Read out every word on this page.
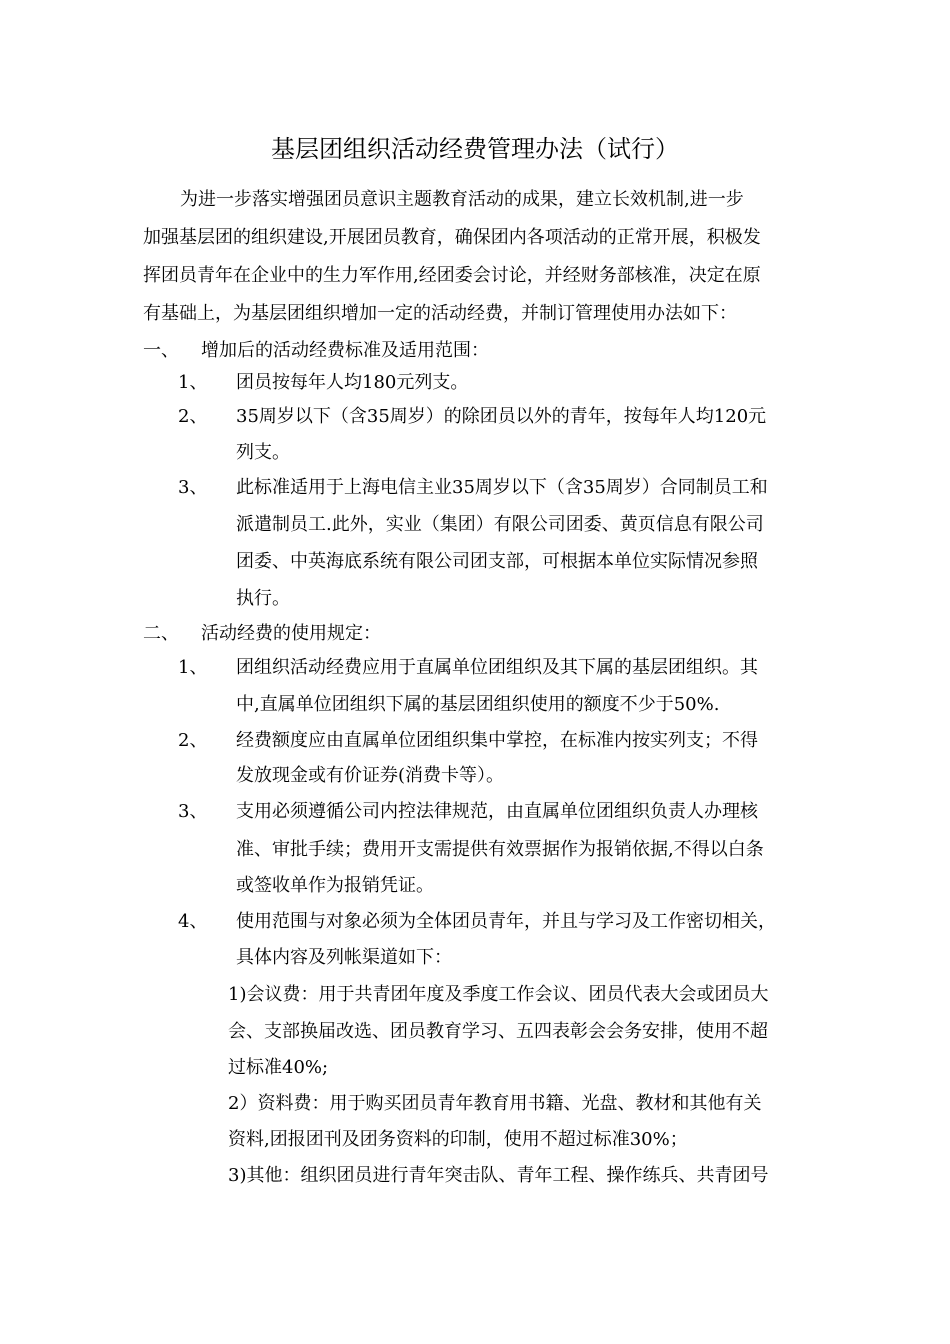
基层团组织活动经费管理办法（试行）
为进一步落实增强团员意识主题教育活动的成果，建立长效机制,进一步
加强基层团的组织建设,开展团员教育，确保团内各项活动的正常开展，积极发
挥团员青年在企业中的生力军作用,经团委会讨论，并经财务部核准，决定在原
有基础上，为基层团组织增加一定的活动经费，并制订管理使用办法如下：
一、 增加后的活动经费标准及适用范围：
1、 团员按每年人均180元列支。
2、 35周岁以下（含35周岁）的除团员以外的青年，按每年人均120元
列支。
3、 此标准适用于上海电信主业35周岁以下（含35周岁）合同制员工和
派遣制员工.此外，实业（集团）有限公司团委、黄页信息有限公司
团委、中英海底系统有限公司团支部，可根据本单位实际情况参照
执行。
二、 活动经费的使用规定：
1、 团组织活动经费应用于直属单位团组织及其下属的基层团组织。其
中,直属单位团组织下属的基层团组织使用的额度不少于50%.
2、 经费额度应由直属单位团组织集中掌控，在标准内按实列支；不得
发放现金或有价证券(消费卡等）。
3、 支用必须遵循公司内控法律规范，由直属单位团组织负责人办理核
准、审批手续；费用开支需提供有效票据作为报销依据,不得以白条
或签收单作为报销凭证。
4、 使用范围与对象必须为全体团员青年，并且与学习及工作密切相关，
具体内容及列帐渠道如下：
1)会议费：用于共青团年度及季度工作会议、团员代表大会或团员大
会、支部换届改选、团员教育学习、五四表彰会会务安排，使用不超
过标准40%;
2）资料费：用于购买团员青年教育用书籍、光盘、教材和其他有关
资料,团报团刊及团务资料的印制，使用不超过标准30%；
3)其他：组织团员进行青年突击队、青年工程、操作练兵、共青团号
